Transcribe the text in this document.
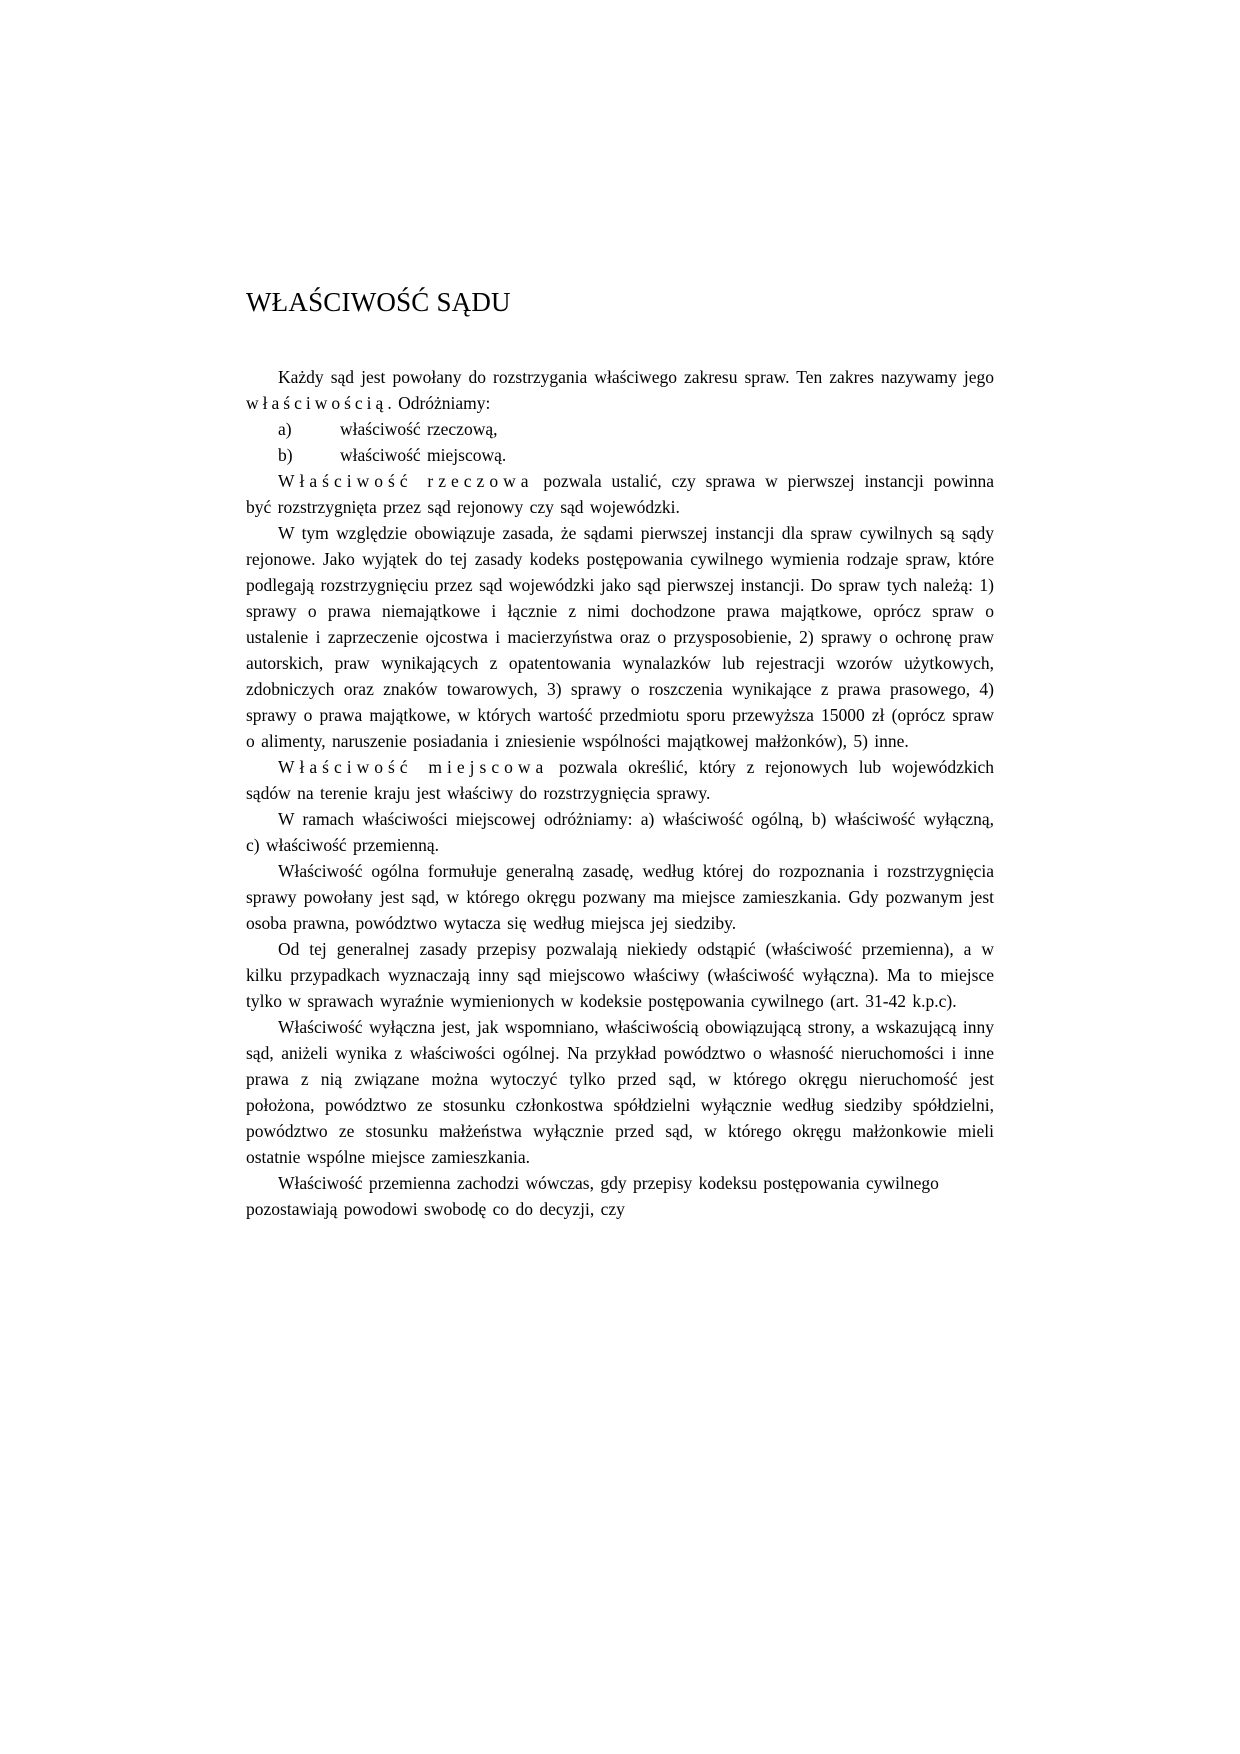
WŁAŚCIWOŚĆ SĄDU

Każdy sąd jest powołany do rozstrzygania właściwego zakresu spraw. Ten zakres nazywamy jego właściwością. Odróżniamy:

a)	właściwość rzeczową,

b)	właściwość miejscową.

Właściwość rzeczowa pozwala ustalić, czy sprawa w pierwszej instancji powinna być rozstrzygnięta przez sąd rejonowy czy sąd wojewódzki.

W tym względzie obowiązuje zasada, że sądami pierwszej instancji dla spraw cywilnych są sądy rejonowe. Jako wyjątek do tej zasady kodeks postępowania cywilnego wymienia rodzaje spraw, które podlegają rozstrzygnięciu przez sąd wojewódzki jako sąd pierwszej instancji. Do spraw tych należą: 1) sprawy o prawa niemajątkowe i łącznie z nimi dochodzone prawa majątkowe, oprócz spraw o ustalenie i zaprzeczenie ojcostwa i macierzyństwa oraz o przysposobienie, 2) sprawy o ochronę praw autorskich, praw wynikających z opatentowania wynalazków lub rejestracji wzorów użytkowych, zdobniczych oraz znaków towarowych, 3) sprawy o roszczenia wynikające z prawa prasowego, 4) sprawy o prawa majątkowe, w których wartość przedmiotu sporu przewyższa 15000 zł (oprócz spraw o alimenty, naruszenie posiadania i zniesienie wspólności majątkowej małżonków), 5) inne.

Właściwość miejscowa pozwala określić, który z rejonowych lub wojewódzkich sądów na terenie kraju jest właściwy do rozstrzygnięcia sprawy.

W ramach właściwości miejscowej odróżniamy: a) właściwość ogólną, b) właściwość wyłączną, c) właściwość przemienną.

Właściwość ogólna formułuje generalną zasadę, według której do rozpoznania i rozstrzygnięcia sprawy powołany jest sąd, w którego okręgu pozwany ma miejsce zamieszkania. Gdy pozwanym jest osoba prawna, powództwo wytacza się według miejsca jej siedziby.

Od tej generalnej zasady przepisy pozwalają niekiedy odstąpić (właściwość przemienna), a w kilku przypadkach wyznaczają inny sąd miejscowo właściwy (właściwość wyłączna). Ma to miejsce tylko w sprawach wyraźnie wymienionych w kodeksie postępowania cywilnego (art. 31-42 k.p.c).

Właściwość wyłączna jest, jak wspomniano, właściwością obowiązującą strony, a wskazującą inny sąd, aniżeli wynika z właściwości ogólnej. Na przykład powództwo o własność nieruchomości i inne prawa z nią związane można wytoczyć tylko przed sąd, w którego okręgu nieruchomość jest położona, powództwo ze stosunku członkostwa spółdzielni wyłącznie według siedziby spółdzielni, powództwo ze stosunku małżeństwa wyłącznie przed sąd, w którego okręgu małżonkowie mieli ostatnie wspólne miejsce zamieszkania.

Właściwość przemienna zachodzi wówczas, gdy przepisy kodeksu postępowania cywilnego pozostawiają powodowi swobodę co do decyzji, czy
